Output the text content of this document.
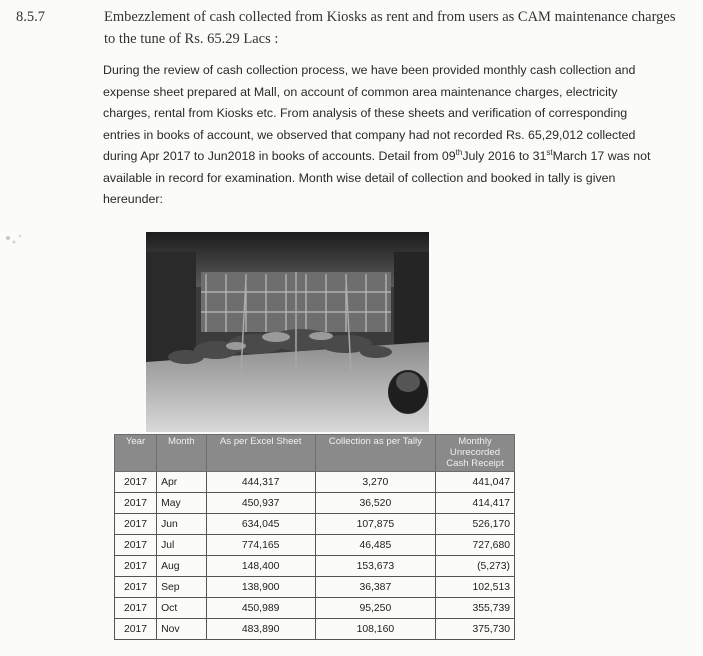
8.5.7	Embezzlement of cash collected from Kiosks as rent and from users as CAM maintenance charges to the tune of Rs. 65.29 Lacs :
During the review of cash collection process, we have been provided monthly cash collection and expense sheet prepared at Mall, on account of common area maintenance charges, electricity charges, rental from Kiosks etc. From analysis of these sheets and verification of corresponding entries in books of account, we observed that company had not recorded Rs. 65,29,012 collected during Apr 2017 to Jun2018 in books of accounts. Detail from 09thJuly 2016 to 31stMarch 17 was not available in record for examination. Month wise detail of collection and booked in tally is given hereunder:
Year	Month	As per Excel Sheet	Collection as per Tally	Monthly Unrecorded Cash Receipt
2017	Apr	444,317	3,270	441,047
2017	May	450,937	36,520	414,417
2017	Jun	634,045	107,875	526,170
2017	Jul	774,165	46,485	727,680
2017	Aug	148,400	153,673	(5,273)
2017	Sep	138,900	36,387	102,513
2017	Oct	450,989	95,250	355,739
2017	Nov	483,890	108,160	375,730
